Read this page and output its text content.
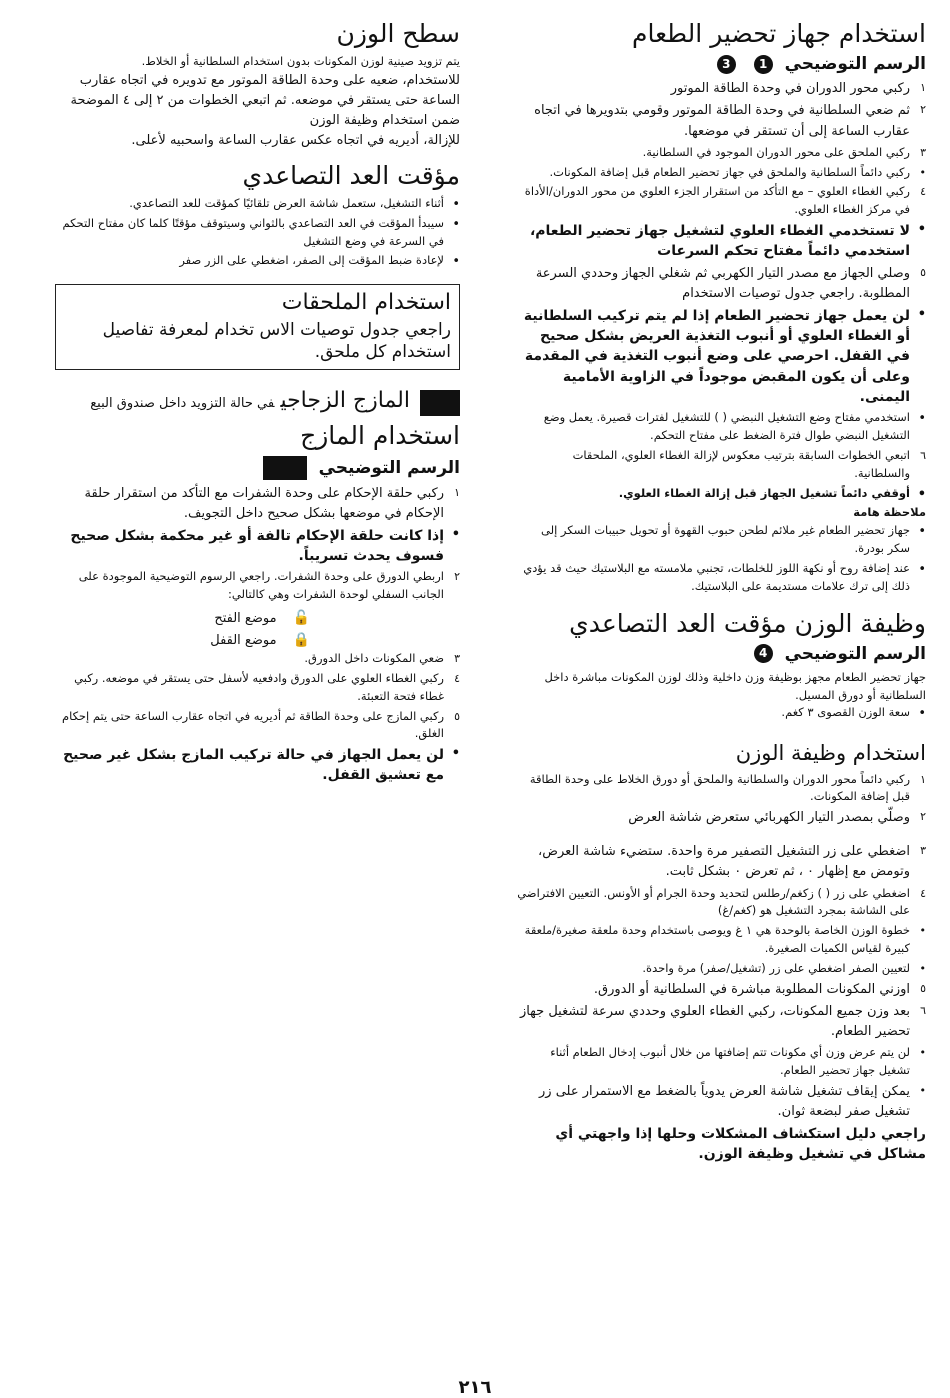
استخدام جهاز تحضير الطعام
الرسم التوضيحي 1 3
١
ركبي محور الدوران في وحدة الطاقة الموتور
٢
ثم ضعي السلطانية في وحدة الطاقة الموتور وقومي بتدويرها في اتجاه عقارب الساعة إلى أن تستقر في موضعها.
٣
ركبي الملحق على محور الدوران الموجود في السلطانية.
•
ركبي دائماً السلطانية والملحق في جهاز تحضير الطعام قبل إضافة المكونات.
٤
ركبي الغطاء العلوي – مع التأكد من استقرار الجزء العلوي من محور الدوران/الأداة في مركز الغطاء العلوي.
•
لا تستخدمي الغطاء العلوي لتشغيل جهاز تحضير الطعام، استخدمي دائماً مفتاح تحكم السرعات
٥
وصلي الجهاز مع مصدر التيار الكهربي ثم شغلي الجهاز وحددي السرعة المطلوبة. راجعي جدول توصيات الاستخدام
•
لن يعمل جهاز تحضير الطعام إذا لم يتم تركيب السلطانية أو الغطاء العلوي أو أنبوب التغذية العريض بشكل صحيح في القفل. احرصي على وضع أنبوب التغذية في المقدمة وعلى أن يكون المقبض موجوداً في الزاوية الأمامية اليمنى.
•
استخدمي مفتاح وضع التشغيل النبضي ( ) للتشغيل لفترات قصيرة. يعمل وضع التشغيل النبضي طوال فترة الضغط على مفتاح التحكم.
٦
اتبعي الخطوات السابقة بترتيب معكوس لإزالة الغطاء العلوي، الملحقات والسلطانية.
•
أوقفي دائماً تشغيل الجهاز قبل إزالة الغطاء العلوي.

ملاحظة هامة

•
جهاز تحضير الطعام غير ملائم لطحن حبوب القهوة أو تحويل حبيبات السكر إلى سكر بودرة.
•
عند إضافة روح أو نكهة اللوز للخلطات، تجنبي ملامسته مع البلاستيك حيث قد يؤدي ذلك إلى ترك علامات مستديمة على البلاستيك.
وظيفة الوزن مؤقت العد التصاعدي
الرسم التوضيحي 4

جهاز تحضير الطعام مجهز بوظيفة وزن داخلية وذلك لوزن المكونات مباشرة داخل السلطانية أو دورق المسيل.

•
سعة الوزن القصوى ٣ كغم.
استخدام وظيفة الوزن
١
ركبي دائماً محور الدوران والسلطانية والملحق أو دورق الخلاط على وحدة الطاقة قبل إضافة المكونات.
٢
وصلّي بمصدر التيار الكهربائي ستعرض شاشة العرض
٣
اضغطي على زر التشغيل التصفير مرة واحدة. ستضيء شاشة العرض، وتومض مع إظهار ٠ ، ثم تعرض ٠ بشكل ثابت.
٤
اضغطي على زر ( ) زكغم/رطلس لتحديد وحدة الجرام أو الأونس. التعيين الافتراضي على الشاشة بمجرد التشغيل هو (كغم/غ)
•
خطوة الوزن الخاصة بالوحدة هي ١ غ ويوصى باستخدام وحدة ملعقة صغيرة/ملعقة كبيرة لقياس الكميات الصغيرة.
•
لتعيين الصفر اضغطي على زر (تشغيل/صفر) مرة واحدة.
٥
اوزني المكونات المطلوبة مباشرة في السلطانية أو الدورق.
٦
بعد وزن جميع المكونات، ركبي الغطاء العلوي وحددي سرعة لتشغيل جهاز تحضير الطعام.
•
لن يتم عرض وزن أي مكونات تتم إضافتها من خلال أنبوب إدخال الطعام أثناء تشغيل جهاز تحضير الطعام.
•
يمكن إيقاف تشغيل شاشة العرض يدوياً بالضغط مع الاستمرار على زر تشغيل صفر لبضعة ثوان.

راجعي دليل استكشاف المشكلات وحلها إذا واجهتي أي مشاكل في تشغيل وظيفة الوزن.

سطح الوزن

يتم تزويد صينية لوزن المكونات بدون استخدام السلطانية أو الخلاط.

للاستخدام، ضعيه على وحدة الطاقة الموتور مع تدويره في اتجاه عقارب الساعة حتى يستقر في موضعه. ثم اتبعي الخطوات من ٢ إلى ٤ الموضحة ضمن استخدام وظيفة الوزن

للإزالة، أديريه في اتجاه عكس عقارب الساعة واسحبيه لأعلى.

مؤقت العد التصاعدي
•
أثناء التشغيل، ستعمل شاشة العرض تلقائيًا كمؤقت للعد التصاعدي.
•
سيبدأ المؤقت في العد التصاعدي بالثواني وسيتوقف مؤقتًا كلما كان مفتاح التحكم في السرعة في وضع التشغيل
•
لإعادة ضبط المؤقت إلى الصفر، اضغطي على الزر صفر
استخدام الملحقات

راجعي جدول توصيات الاس تخدام لمعرفة تفاصيل استخدام كل ملحق.

المازج الزجاجيفي حالة التزويد داخل صندوق البيع
استخدام المازج
الرسم التوضيحي
١
ركبي حلقة الإحكام على وحدة الشفرات مع التأكد من استقرار حلقة الإحكام في موضعها بشكل صحيح داخل التجويف.
•
إذا كانت حلقة الإحكام تالفة أو غير محكمة بشكل صحيح فسوف يحدث تسريباً.
٢
اربطي الدورق على وحدة الشفرات. راجعي الرسوم التوضيحية الموجودة على الجانب السفلي لوحدة الشفرات وهي كالتالي:
🔓موضع الفتح
🔒موضع القفل
٣
ضعي المكونات داخل الدورق.
٤
ركبي الغطاء العلوي على الدورق وادفعيه لأسفل حتى يستقر في موضعه. ركبي غطاء فتحة التعبئة.
٥
ركبي المازج على وحدة الطاقة ثم أديريه في اتجاه عقارب الساعة حتى يتم إحكام الغلق.
•
لن يعمل الجهاز في حالة تركيب المازج بشكل غير صحيح مع تعشيق القفل.
٢١٦
